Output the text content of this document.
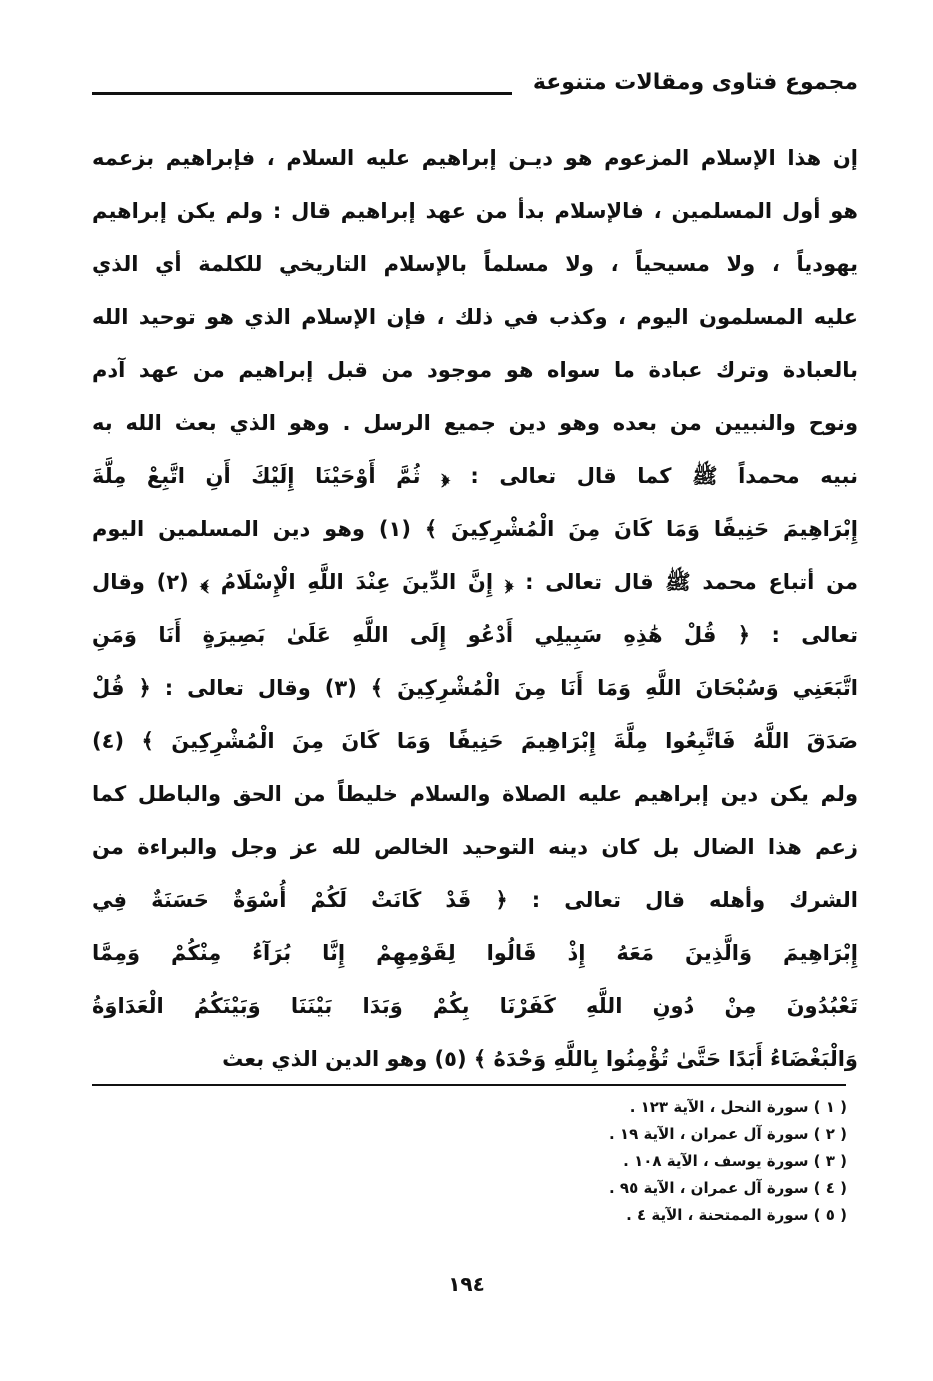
مجموع فتاوى ومقالات متنوعة
إن هذا الإسلام المزعوم هو ديـن إبراهيم عليه السلام ، فإبراهيم بزعمه
هو أول المسلمين ، فالإسلام بدأ من عهد إبراهيم قال : ولم يكن إبراهيم
يهودياً ، ولا مسيحياً ، ولا مسلماً بالإسلام التاريخي للكلمة أي الذي
عليه المسلمون اليوم ، وكذب في ذلك ، فإن الإسلام الذي هو توحيد الله
بالعبادة وترك عبادة ما سواه هو موجود من قبل إبراهيم من عهد آدم
ونوح والنبيين من بعده وهو دين جميع الرسل . وهو الذي بعث الله به
نبيه محمداً ﷺ كما قال تعالى : ﴿ ثُمَّ أَوْحَيْنَا إِلَيْكَ أَنِ اتَّبِعْ مِلَّةَ
إِبْرَاهِيمَ حَنِيفًا وَمَا كَانَ مِنَ الْمُشْرِكِينَ ﴾ (١) وهو دين المسلمين اليوم
من أتباع محمد ﷺ قال تعالى : ﴿ إِنَّ الدِّينَ عِنْدَ اللَّهِ الْإِسْلَامُ ﴾ (٢) وقال
تعالى : ﴿ قُلْ هَٰذِهِ سَبِيلِي أَدْعُو إِلَى اللَّهِ عَلَىٰ بَصِيرَةٍ أَنَا وَمَنِ
اتَّبَعَنِي وَسُبْحَانَ اللَّهِ وَمَا أَنَا مِنَ الْمُشْرِكِينَ ﴾ (٣) وقال تعالى : ﴿ قُلْ
صَدَقَ اللَّهُ فَاتَّبِعُوا مِلَّةَ إِبْرَاهِيمَ حَنِيفًا وَمَا كَانَ مِنَ الْمُشْرِكِينَ ﴾ (٤)
ولم يكن دين إبراهيم عليه الصلاة والسلام خليطاً من الحق والباطل كما
زعم هذا الضال بل كان دينه التوحيد الخالص لله عز وجل والبراءة من
الشرك وأهله قال تعالى : ﴿ قَدْ كَانَتْ لَكُمْ أُسْوَةٌ حَسَنَةٌ فِي
إِبْرَاهِيمَ وَالَّذِينَ مَعَهُ إِذْ قَالُوا لِقَوْمِهِمْ إِنَّا بُرَآءُ مِنْكُمْ وَمِمَّا
تَعْبُدُونَ مِنْ دُونِ اللَّهِ كَفَرْنَا بِكُمْ وَبَدَا بَيْنَنَا وَبَيْنَكُمُ الْعَدَاوَةُ
وَالْبَغْضَاءُ أَبَدًا حَتَّىٰ تُؤْمِنُوا بِاللَّهِ وَحْدَهُ ﴾ (٥) وهو الدين الذي بعث
( ١ ) سورة النحل ، الآية ١٢٣ .
( ٢ ) سورة آل عمران ، الآية ١٩ .
( ٣ ) سورة يوسف ، الآية ١٠٨ .
( ٤ ) سورة آل عمران ، الآية ٩٥ .
( ٥ ) سورة الممتحنة ، الآية ٤ .
١٩٤
